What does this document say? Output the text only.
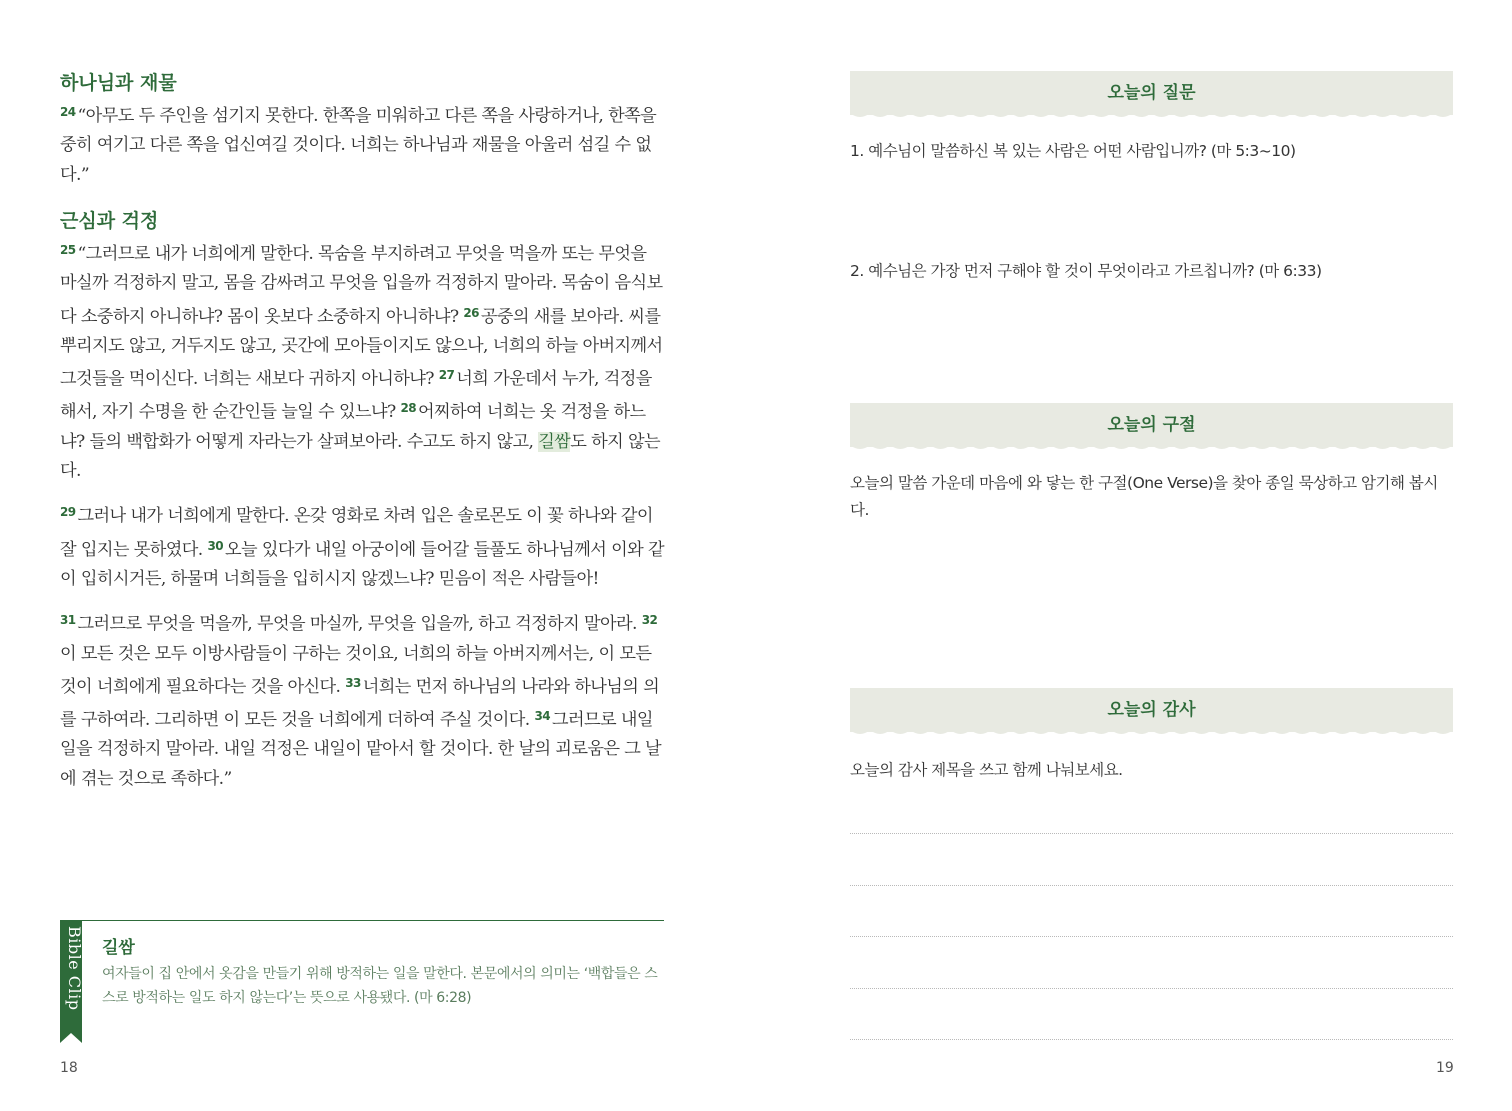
하나님과 재물
$^{24}$ “아무도 두 주인을 섬기지 못한다. 한쪽을 미워하고 다른 쪽을 사랑하거나, 한쪽을 중히 여기고 다른 쪽을 업신여길 것이다. 너희는 하나님과 재물을 아울러 섬길 수 없다.”
근심과 걱정
$^{25}$ “그러므로 내가 너희에게 말한다. 목숨을 부지하려고 무엇을 먹을까 또는 무엇을 마실까 걱정하지 말고, 몸을 감싸려고 무엇을 입을까 걱정하지 말아라. 목숨이 음식보다 소중하지 아니하냐? 몸이 옷보다 소중하지 아니하냐? $^{26}$ 공중의 새를 보아라. 씨를 뿌리지도 않고, 거두지도 않고, 곳간에 모아들이지도 않으나, 너희의 하늘 아버지께서 그것들을 먹이신다. 너희는 새보다 귀하지 아니하냐? $^{27}$ 너희 가운데서 누가, 걱정을 해서, 자기 수명을 한 순간인들 늘일 수 있느냐? $^{28}$ 어찌하여 너희는 옷 걱정을 하느냐? 들의 백합화가 어떻게 자라는가 살펴보아라. 수고도 하지 않고, 길쌈도 하지 않는다.
$^{29}$ 그러나 내가 너희에게 말한다. 온갖 영화로 차려 입은 솔로몬도 이 꽃 하나와 같이 잘 입지는 못하였다. $^{30}$ 오늘 있다가 내일 아궁이에 들어갈 들풀도 하나님께서 이와 같이 입히시거든, 하물며 너희들을 입히시지 않겠느냐? 믿음이 적은 사람들아!
$^{31}$ 그러므로 무엇을 먹을까, 무엇을 마실까, 무엇을 입을까, 하고 걱정하지 말아라. $^{32}$이 모든 것은 모두 이방사람들이 구하는 것이요, 너희의 하늘 아버지께서는, 이 모든 것이 너희에게 필요하다는 것을 아신다. $^{33}$ 너희는 먼저 하나님의 나라와 하나님의 의를 구하여라. 그리하면 이 모든 것을 너희에게 더하여 주실 것이다. $^{34}$ 그러므로 내일 일을 걱정하지 말아라. 내일 걱정은 내일이 맡아서 할 것이다. 한 날의 괴로움은 그 날에 겪는 것으로 족하다.”
Bible Clip 길쌈
여자들이 집 안에서 옷감을 만들기 위해 방적하는 일을 말한다. 본문에서의 의미는 ‘백합들은 스스로 방적하는 일도 하지 않는다’는 뜻으로 사용됐다. (마 6:28)
18
오늘의 질문
1. 예수님이 말씀하신 복 있는 사람은 어떤 사람입니까? (마 5:3~10)
2. 예수님은 가장 먼저 구해야 할 것이 무엇이라고 가르칩니까? (마 6:33)
오늘의 구절
오늘의 말씀 가운데 마음에 와 닿는 한 구절(One Verse)을 찾아 종일 묵상하고 암기해 봅시다.
오늘의 감사
오늘의 감사 제목을 쓰고 함께 나눠보세요.
19
